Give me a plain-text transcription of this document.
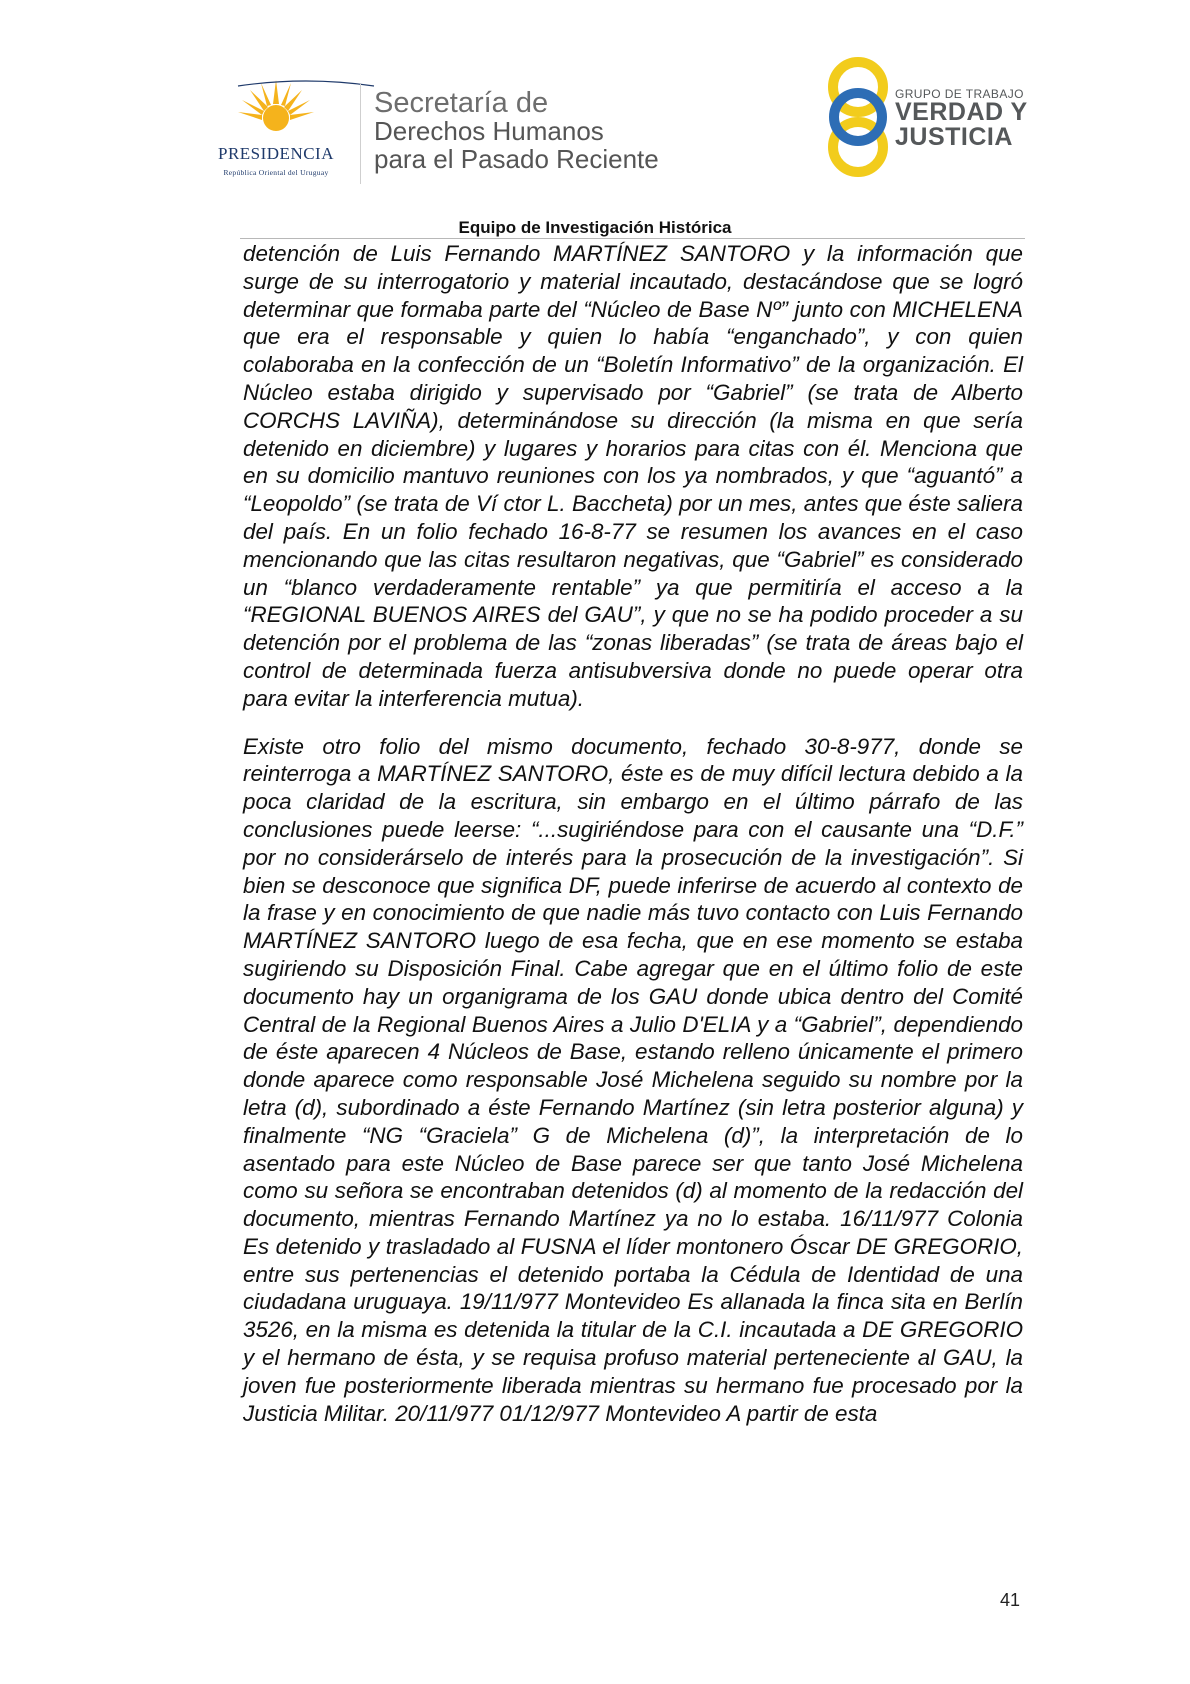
PRESIDENCIA
República Oriental del Uruguay
Secretaría de
Derechos Humanos
para el Pasado Reciente
GRUPO DE TRABAJO
VERDAD Y
JUSTICIA
Equipo de Investigación Histórica

detención de Luis Fernando MARTÍNEZ SANTORO y la información que surge de su interrogatorio y material incautado, destacándose que se logró determinar que formaba parte del “Núcleo de Base Nº” junto con MICHELENA que era el responsable y quien lo había “enganchado”, y con quien colaboraba en la confección de un “Boletín Informativo” de la organización. El Núcleo estaba dirigido y supervisado por “Gabriel” (se trata de Alberto CORCHS LAVIÑA), determinándose su dirección (la misma en que sería detenido en diciembre) y lugares y horarios para citas con él. Menciona que en su domicilio mantuvo reuniones con los ya nombrados, y que “aguantó” a “Leopoldo” (se trata de Ví ctor L. Baccheta) por un mes, antes que éste saliera del país. En un folio fechado 16-8-77 se resumen los avances en el caso mencionando que las citas resultaron negativas, que “Gabriel” es considerado un “blanco verdaderamente rentable” ya que permitiría el acceso a la “REGIONAL BUENOS AIRES del GAU”, y que no se ha podido proceder a su detención por el problema de las “zonas liberadas” (se trata de áreas bajo el control de determinada fuerza antisubversiva donde no puede operar otra para evitar la interferencia mutua).

Existe otro folio del mismo documento, fechado 30-8-977, donde se reinterroga a MARTÍNEZ SANTORO, éste es de muy difícil lectura debido a la poca claridad de la escritura, sin embargo en el último párrafo de las conclusiones puede leerse: “...sugiriéndose para con el causante una “D.F.” por no considerárselo de interés para la prosecución de la investigación”. Si bien se desconoce que significa DF, puede inferirse de acuerdo al contexto de la frase y en conocimiento de que nadie más tuvo contacto con Luis Fernando MARTÍNEZ SANTORO luego de esa fecha, que en ese momento se estaba sugiriendo su Disposición Final. Cabe agregar que en el último folio de este documento hay un organigrama de los GAU donde ubica dentro del Comité Central de la Regional Buenos Aires a Julio D'ELIA y a “Gabriel”, dependiendo de éste aparecen 4 Núcleos de Base, estando relleno únicamente el primero donde aparece como responsable José Michelena seguido su nombre por la letra (d), subordinado a éste Fernando Martínez (sin letra posterior alguna) y finalmente “NG “Graciela” G de Michelena (d)”, la interpretación de lo asentado para este Núcleo de Base parece ser que tanto José Michelena como su señora se encontraban detenidos (d) al momento de la redacción del documento, mientras Fernando Martínez ya no lo estaba. 16/11/977 Colonia Es detenido y trasladado al FUSNA el líder montonero Óscar DE GREGORIO, entre sus pertenencias el detenido portaba la Cédula de Identidad de una ciudadana uruguaya. 19/11/977 Montevideo Es allanada la finca sita en Berlín 3526, en la misma es detenida la titular de la C.I. incautada a DE GREGORIO y el hermano de ésta, y se requisa profuso material perteneciente al GAU, la joven fue posteriormente liberada mientras su hermano fue procesado por la Justicia Militar. 20/11/977 01/12/977 Montevideo A partir de esta

41
